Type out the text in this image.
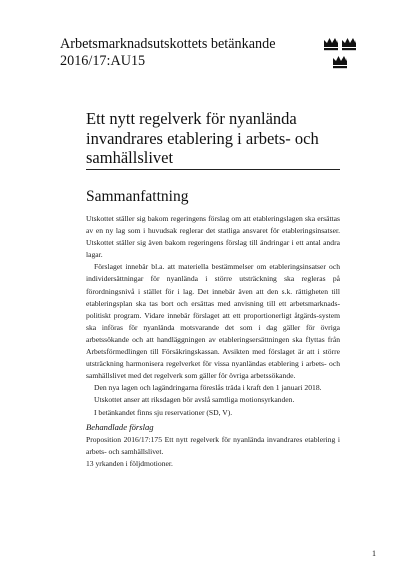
Arbetsmarknadsutskottets betänkande
2016/17:AU15
Ett nytt regelverk för nyanlända
invandrares etablering i arbets- och
samhällslivet
Sammanfattning

Utskottet ställer sig bakom regeringens förslag om att etableringslagen ska ersättas av en ny lag som i huvudsak reglerar det statliga ansvaret för etableringsinsatser. Utskottet ställer sig även bakom regeringens förslag till ändringar i ett antal andra lagar.

Förslaget innebär bl.a. att materiella bestämmelser om etableringsinsatser och individersättningar för nyanlända i större utsträckning ska regleras på förordningsnivå i stället för i lag. Det innebär även att den s.k. rättigheten till etableringsplan ska tas bort och ersättas med anvisning till ett arbetsmarknads-politiskt program. Vidare innebär förslaget att ett proportionerligt åtgärds-system ska införas för nyanlända motsvarande det som i dag gäller för övriga arbetssökande och att handläggningen av etableringsersättningen ska flyttas från Arbetsförmedlingen till Försäkringskassan. Avsikten med förslaget är att i större utsträckning harmonisera regelverket för vissa nyanländas etablering i arbets- och samhällslivet med det regelverk som gäller för övriga arbetssökande.

Den nya lagen och lagändringarna föreslås träda i kraft den 1 januari 2018.

Utskottet anser att riksdagen bör avslå samtliga motionsyrkanden.

I betänkandet finns sju reservationer (SD, V).

Behandlade förslag

Proposition 2016/17:175 Ett nytt regelverk för nyanlända invandrares etablering i arbets- och samhällslivet.

13 yrkanden i följdmotioner.

1
